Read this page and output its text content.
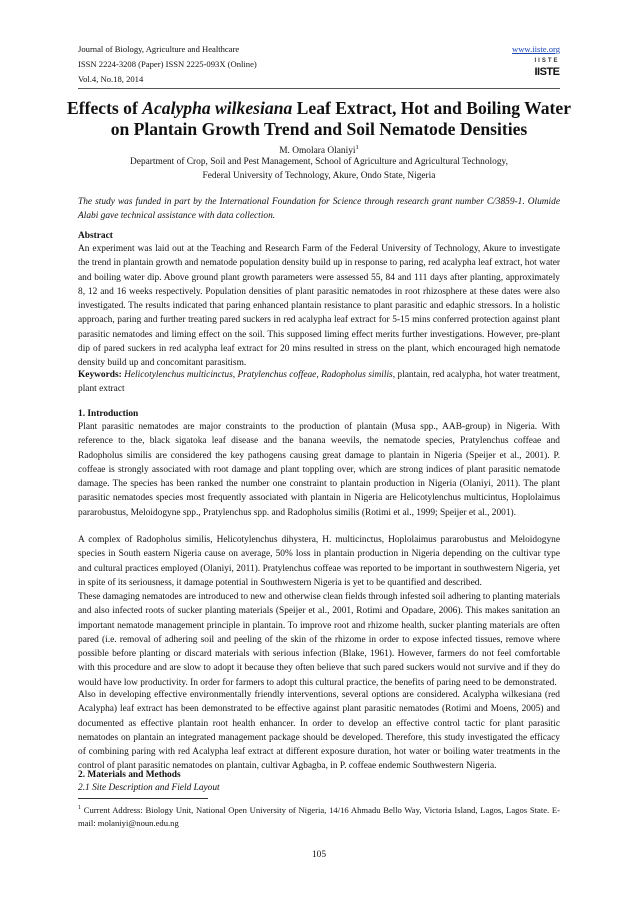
Journal of Biology, Agriculture and Healthcare
ISSN 2224-3208 (Paper) ISSN 2225-093X (Online)
Vol.4, No.18, 2014
www.iiste.org
IISTE
IISTE
Effects of Acalypha wilkesiana Leaf Extract, Hot and Boiling Water on Plantain Growth Trend and Soil Nematode Densities
M. Omolara Olaniyi$^1$
Department of Crop, Soil and Pest Management, School of Agriculture and Agricultural Technology,
Federal University of Technology, Akure, Ondo State, Nigeria
The study was funded in part by the International Foundation for Science through research grant number C/3859-1. Olumide Alabi gave technical assistance with data collection.
Abstract
An experiment was laid out at the Teaching and Research Farm of the Federal University of Technology, Akure to investigate the trend in plantain growth and nematode population density build up in response to paring, red acalypha leaf extract, hot water and boiling water dip. Above ground plant growth parameters were assessed 55, 84 and 111 days after planting, approximately 8, 12 and 16 weeks respectively. Population densities of plant parasitic nematodes in root rhizosphere at these dates were also investigated. The results indicated that paring enhanced plantain resistance to plant parasitic and edaphic stressors. In a holistic approach, paring and further treating pared suckers in red acalypha leaf extract for 5-15 mins conferred protection against plant parasitic nematodes and liming effect on the soil. This supposed liming effect merits further investigations. However, pre-plant dip of pared suckers in red acalypha leaf extract for 20 mins resulted in stress on the plant, which encouraged high nematode density build up and concomitant parasitism.
Keywords: Helicotylenchus multicinctus, Pratylenchus coffeae, Radopholus similis, plantain, red acalypha, hot water treatment, plant extract
1. Introduction
Plant parasitic nematodes are major constraints to the production of plantain (Musa spp., AAB-group) in Nigeria. With reference to the, black sigatoka leaf disease and the banana weevils, the nematode species, Pratylenchus coffeae and Radopholus similis are considered the key pathogens causing great damage to plantain in Nigeria (Speijer et al., 2001). P. coffeae is strongly associated with root damage and plant toppling over, which are strong indices of plant parasitic nematode damage. The species has been ranked the number one constraint to plantain production in Nigeria (Olaniyi, 2011). The plant parasitic nematodes species most frequently associated with plantain in Nigeria are Helicotylenchus multicintus, Hoplolaimus pararobustus, Meloidogyne spp., Pratylenchus spp. and Radopholus similis (Rotimi et al., 1999; Speijer et al., 2001).
A complex of Radopholus similis, Helicotylenchus dihystera, H. multicinctus, Hoplolaimus pararobustus and Meloidogyne species in South eastern Nigeria cause on average, 50% loss in plantain production in Nigeria depending on the cultivar type and cultural practices employed (Olaniyi, 2011). Pratylenchus coffeae was reported to be important in southwestern Nigeria, yet in spite of its seriousness, it damage potential in Southwestern Nigeria is yet to be quantified and described.
These damaging nematodes are introduced to new and otherwise clean fields through infested soil adhering to planting materials and also infected roots of sucker planting materials (Speijer et al., 2001, Rotimi and Opadare, 2006). This makes sanitation an important nematode management principle in plantain. To improve root and rhizome health, sucker planting materials are often pared (i.e. removal of adhering soil and peeling of the skin of the rhizome in order to expose infected tissues, remove where possible before planting or discard materials with serious infection (Blake, 1961). However, farmers do not feel comfortable with this procedure and are slow to adopt it because they often believe that such pared suckers would not survive and if they do would have low productivity. In order for farmers to adopt this cultural practice, the benefits of paring need to be demonstrated.
Also in developing effective environmentally friendly interventions, several options are considered. Acalypha wilkesiana (red Acalypha) leaf extract has been demonstrated to be effective against plant parasitic nematodes (Rotimi and Moens, 2005) and documented as effective plantain root health enhancer. In order to develop an effective control tactic for plant parasitic nematodes on plantain an integrated management package should be developed. Therefore, this study investigated the efficacy of combining paring with red Acalypha leaf extract at different exposure duration, hot water or boiling water treatments in the control of plant parasitic nematodes on plantain, cultivar Agbagba, in P. coffeae endemic Southwestern Nigeria.
2. Materials and Methods
2.1 Site Description and Field Layout
$^1$ Current Address: Biology Unit, National Open University of Nigeria, 14/16 Ahmadu Bello Way, Victoria Island, Lagos, Lagos State. E-mail: molaniyi@noun.edu.ng
105
